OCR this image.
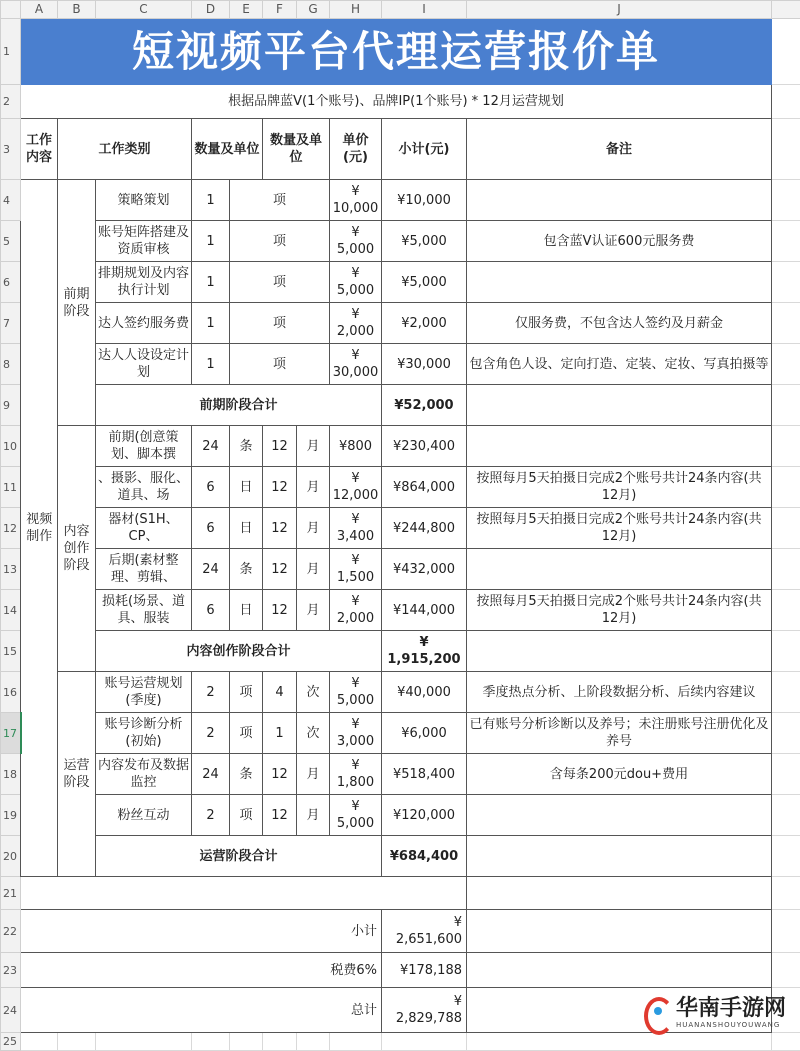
	A	B	C	D	E	F	G	H	I	J	
1	短视频平台代理运营报价单										
2	根据品牌蓝V(1个账号)、品牌IP(1个账号) * 12月运营规划										
3	工作内容	工作类别		数量及单位		数量及单位		单价(元)	小计(元)	备注	
4	视频制作	前期阶段	策略策划	1	项			¥ 10,000	¥10,000		
5			账号矩阵搭建及资质审核	1	项			¥ 5,000	¥5,000	包含蓝V认证600元服务费	
6			排期规划及内容执行计划	1	项			¥ 5,000	¥5,000		
7			达人签约服务费	1	项			¥ 2,000	¥2,000	仅服务费，不包含达人签约及月薪金	
8			达人人设设定计划	1	项			¥ 30,000	¥30,000	包含角色人设、定向打造、定装、定妆、写真拍摄等	
9			前期阶段合计						¥52,000		
10		内容创作阶段	前期(创意策划、脚本撰	24	条	12	月	¥800	¥230,400		
11			、摄影、服化、道具、场	6	日	12	月	¥ 12,000	¥864,000	按照每月5天拍摄日完成2个账号共计24条内容(共12月)	
12			器材(S1H、CP、	6	日	12	月	¥ 3,400	¥244,800	按照每月5天拍摄日完成2个账号共计24条内容(共12月)	
13			后期(素材整理、剪辑、	24	条	12	月	¥ 1,500	¥432,000		
14			损耗(场景、道具、服装	6	日	12	月	¥ 2,000	¥144,000	按照每月5天拍摄日完成2个账号共计24条内容(共12月)	
15			内容创作阶段合计						¥ 1,915,200		
16		运营阶段	账号运营规划(季度)	2	项	4	次	¥ 5,000	¥40,000	季度热点分析、上阶段数据分析、后续内容建议	
17			账号诊断分析(初始)	2	项	1	次	¥ 3,000	¥6,000	已有账号分析诊断以及养号；未注册账号注册优化及养号	
18			内容发布及数据监控	24	条	12	月	¥ 1,800	¥518,400	含每条200元dou+费用	
19			粉丝互动	2	项	12	月	¥ 5,000	¥120,000		
20			运营阶段合计						¥684,400		
21											
22	小计								¥ 2,651,600		
23	税费6%								¥178,188		
24	总计								¥ 2,829,788		
25											
华南手游网
HUANANSHOUYOUWANG
